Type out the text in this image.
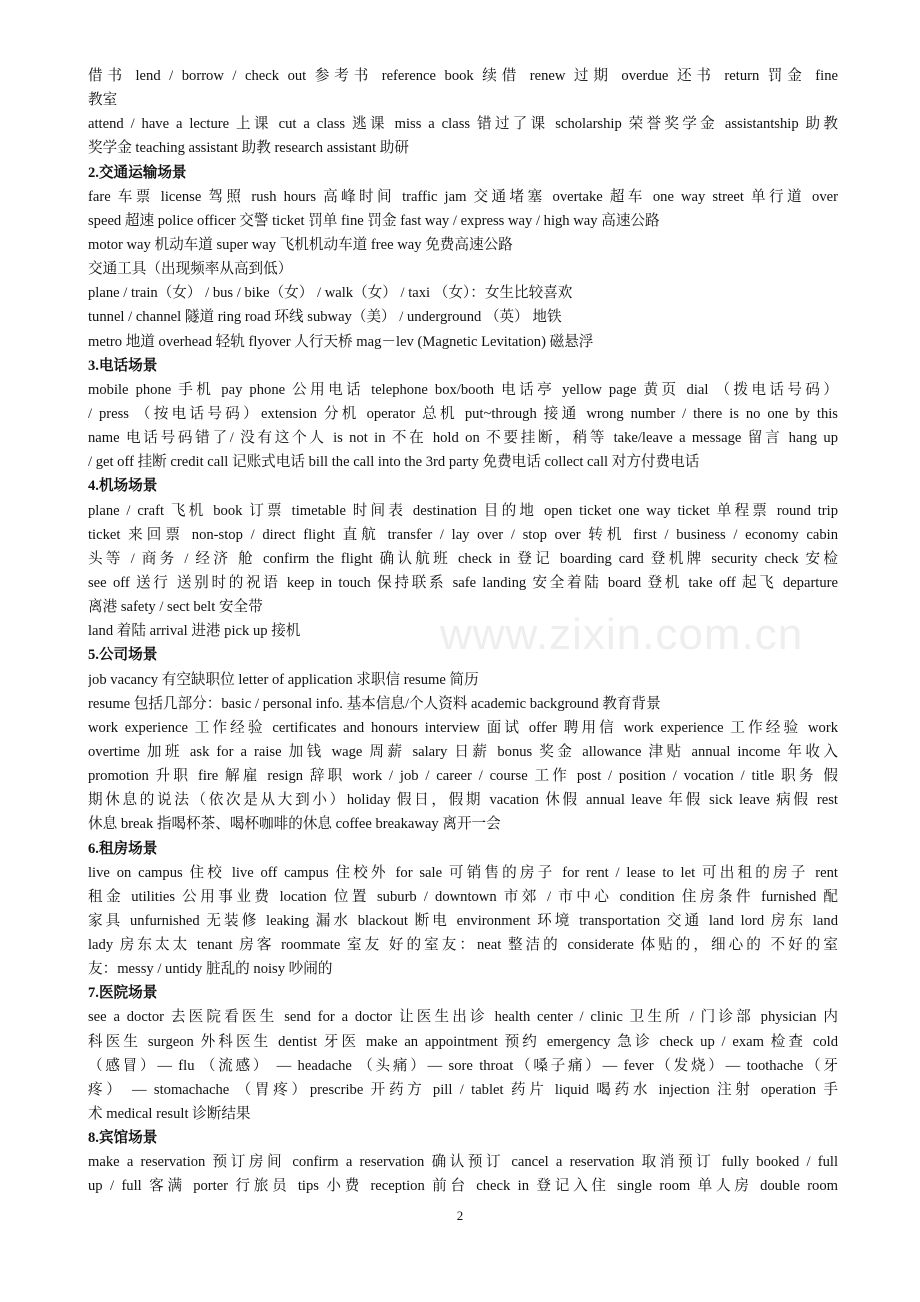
www.zixin.com.cn
借书 lend / borrow / check out 参考书 reference book 续借 renew 过期 overdue 还书 return 罚金 fine
教室
attend / have a lecture 上课 cut a class 逃课 miss a class 错过了课 scholarship 荣誉奖学金 assistantship 助教
奖学金 teaching assistant 助教 research assistant 助研
2.交通运输场景
fare 车票 license 驾照 rush hours 高峰时间 traffic jam 交通堵塞 overtake 超车 one way street 单行道 over
speed 超速 police officer 交警 ticket 罚单 fine 罚金 fast way / express way / high way 高速公路
motor way 机动车道 super way 飞机机动车道 free way 免费高速公路
交通工具（出现频率从高到低）
plane / train（女） / bus / bike（女） / walk（女） / taxi （女）：女生比较喜欢
tunnel / channel 隧道 ring road 环线 subway（美） / underground （英） 地铁
metro 地道 overhead 轻轨 flyover 人行天桥 mag－lev (Magnetic Levitation) 磁悬浮
3.电话场景
mobile phone 手机 pay phone 公用电话 telephone box/booth 电话亭 yellow page 黄页 dial （拨电话号码）
/ press （按电话号码）extension 分机 operator 总机 put~through 接通 wrong number / there is no one by this
name 电话号码错了/ 没有这个人 is not in 不在 hold on 不要挂断，稍等 take/leave a message 留言 hang up
/ get off 挂断 credit call 记账式电话 bill the call into the 3rd party 免费电话 collect call 对方付费电话
4.机场场景
plane / craft 飞机 book 订票 timetable 时间表 destination 目的地 open ticket one way ticket 单程票 round trip
ticket 来回票 non-stop / direct flight 直航 transfer / lay over / stop over 转机 first / business / economy cabin
头等 / 商务 / 经济 舱 confirm the flight 确认航班 check in 登记 boarding card 登机牌 security check 安检
see off 送行 送别时的祝语 keep in touch 保持联系 safe landing 安全着陆 board 登机 take off 起飞 departure
离港 safety / sect belt 安全带
land 着陆 arrival 进港 pick up 接机
5.公司场景
job vacancy 有空缺职位 letter of application 求职信 resume 简历
resume 包括几部分：basic / personal info. 基本信息/个人资料 academic background 教育背景
work experience 工作经验 certificates and honours interview 面试 offer 聘用信 work experience 工作经验 work
overtime 加班 ask for a raise 加钱 wage 周薪 salary 日薪 bonus 奖金 allowance 津贴 annual income 年收入
promotion 升职 fire 解雇 resign 辞职 work / job / career / course 工作 post / position / vocation / title 职务 假
期休息的说法（依次是从大到小）holiday 假日，假期 vacation 休假 annual leave 年假 sick leave 病假 rest
休息 break 指喝杯茶、喝杯咖啡的休息 coffee breakaway 离开一会
6.租房场景
live on campus 住校 live off campus 住校外 for sale 可销售的房子 for rent / lease to let 可出租的房子 rent
租金 utilities 公用事业费 location 位置 suburb / downtown 市郊 / 市中心 condition 住房条件 furnished 配
家具 unfurnished 无装修 leaking 漏水 blackout 断电 environment 环境 transportation 交通 land lord 房东 land
lady 房东太太 tenant 房客 roommate 室友 好的室友：neat 整洁的 considerate 体贴的，细心的 不好的室
友：messy / untidy 脏乱的 noisy 吵闹的
7.医院场景
see a doctor 去医院看医生 send for a doctor 让医生出诊 health center / clinic 卫生所 / 门诊部 physician 内
科医生 surgeon 外科医生 dentist 牙医 make an appointment 预约 emergency 急诊 check up / exam 检查 cold
（感冒）— flu （流感） — headache （头痛）— sore throat（嗓子痛）— fever（发烧）— toothache（牙
疼） — stomachache （胃疼）prescribe 开药方 pill / tablet 药片 liquid 喝药水 injection 注射 operation 手
术 medical result 诊断结果
8.宾馆场景
make a reservation 预订房间 confirm a reservation 确认预订 cancel a reservation 取消预订 fully booked / full
up / full 客满 porter 行旅员 tips 小费 reception 前台 check in 登记入住 single room 单人房 double room
2
